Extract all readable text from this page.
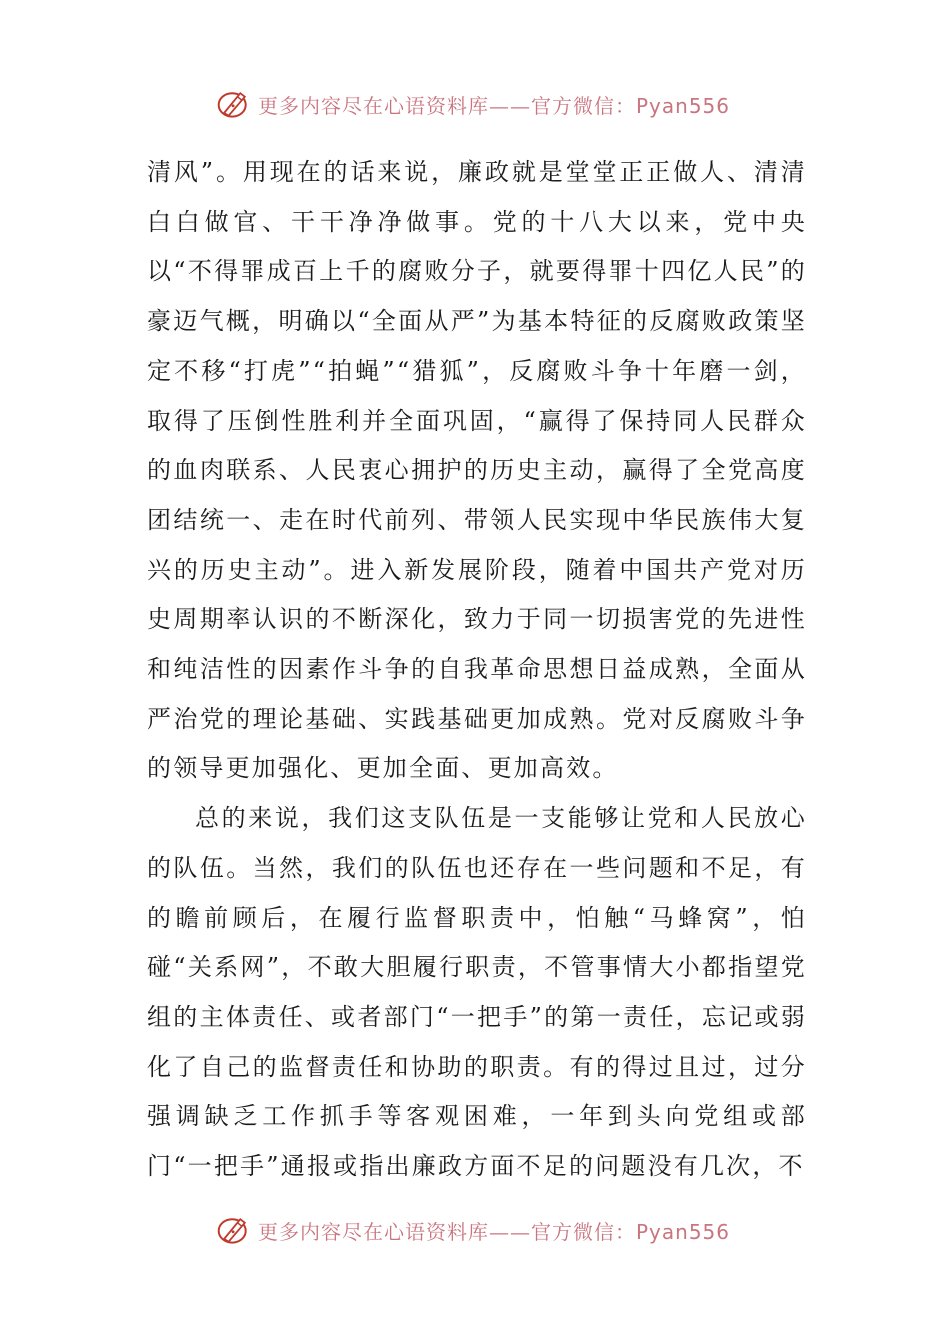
更多内容尽在心语资料库——官方微信：Pyan556

清风”。用现在的话来说，廉政就是堂堂正正做人、清清白白做官、干干净净做事。党的十八大以来，党中央以“不得罪成百上千的腐败分子，就要得罪十四亿人民”的豪迈气概，明确以“全面从严”为基本特征的反腐败政策坚定不移“打虎”“拍蝇”“猎狐”，反腐败斗争十年磨一剑，取得了压倒性胜利并全面巩固，“赢得了保持同人民群众的血肉联系、人民衷心拥护的历史主动，赢得了全党高度团结统一、走在时代前列、带领人民实现中华民族伟大复兴的历史主动”。进入新发展阶段，随着中国共产党对历史周期率认识的不断深化，致力于同一切损害党的先进性和纯洁性的因素作斗争的自我革命思想日益成熟，全面从严治党的理论基础、实践基础更加成熟。党对反腐败斗争的领导更加强化、更加全面、更加高效。

总的来说，我们这支队伍是一支能够让党和人民放心的队伍。当然，我们的队伍也还存在一些问题和不足，有的瞻前顾后，在履行监督职责中，怕触“马蜂窝”，怕碰“关系网”，不敢大胆履行职责，不管事情大小都指望党组的主体责任、或者部门“一把手”的第一责任，忘记或弱化了自己的监督责任和协助的职责。有的得过且过，过分强调缺乏工作抓手等客观困难，一年到头向党组或部门“一把手”通报或指出廉政方面不足的问题没有几次，不

更多内容尽在心语资料库——官方微信：Pyan556
